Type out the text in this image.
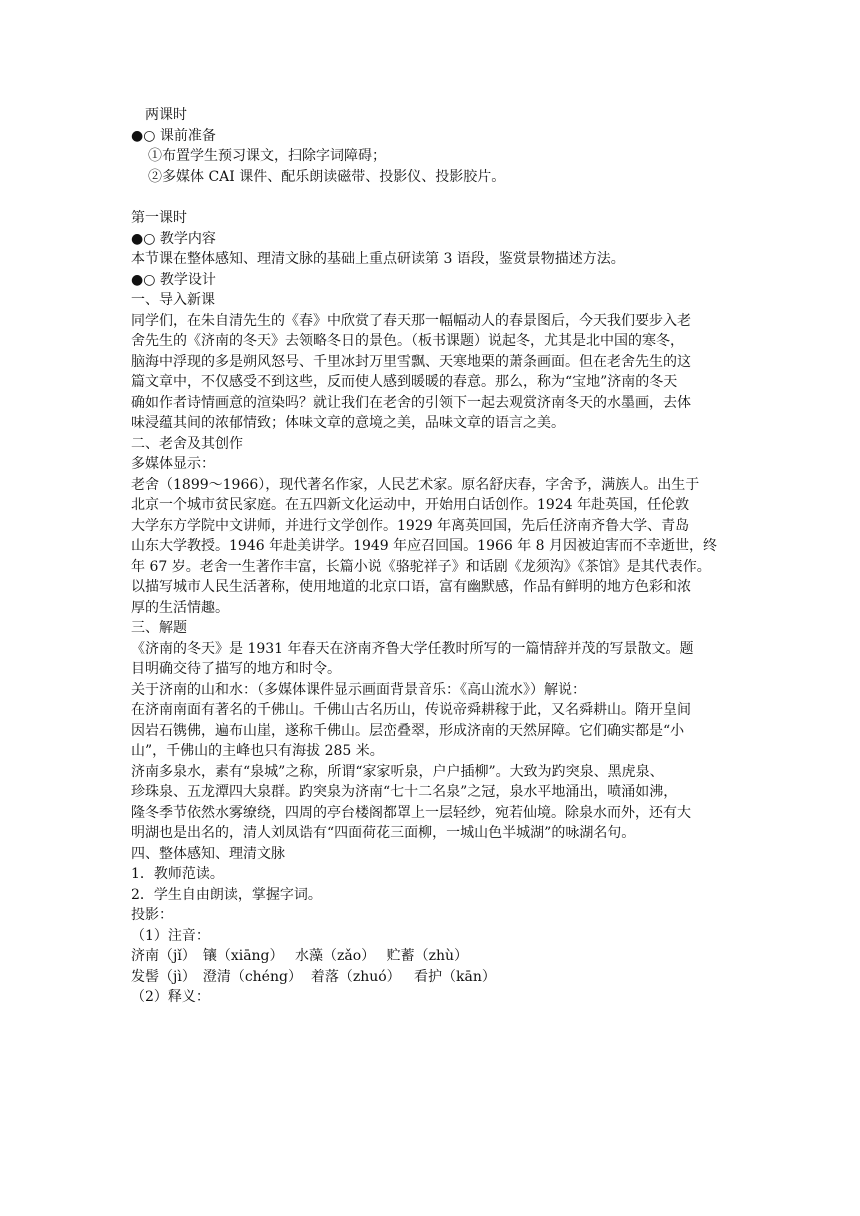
两课时
●○ 课前准备
①布置学生预习课文，扫除字词障碍；
②多媒体 CAI 课件、配乐朗读磁带、投影仪、投影胶片。
第一课时
●○ 教学内容
本节课在整体感知、理清文脉的基础上重点研读第 3 语段，鉴赏景物描述方法。
●○ 教学设计
一、导入新课
同学们，在朱自清先生的《春》中欣赏了春天那一幅幅动人的春景图后，今天我们要步入老
舍先生的《济南的冬天》去领略冬日的景色。（板书课题）说起冬，尤其是北中国的寒冬，
脑海中浮现的多是朔风怒号、千里冰封万里雪飘、天寒地栗的萧条画面。但在老舍先生的这
篇文章中，不仅感受不到这些，反而使人感到暖暖的春意。那么，称为“宝地”济南的冬天
确如作者诗情画意的渲染吗？就让我们在老舍的引领下一起去观赏济南冬天的水墨画，去体
味浸蕴其间的浓郁情致；体味文章的意境之美，品味文章的语言之美。
二、老舍及其创作
多媒体显示：
老舍（1899～1966），现代著名作家，人民艺术家。原名舒庆春，字舍予，满族人。出生于
北京一个城市贫民家庭。在五四新文化运动中，开始用白话创作。1924 年赴英国，任伦敦
大学东方学院中文讲师，并进行文学创作。1929 年离英回国，先后任济南齐鲁大学、青岛
山东大学教授。1946 年赴美讲学。1949 年应召回国。1966 年 8 月因被迫害而不幸逝世，终
年 67 岁。老舍一生著作丰富，长篇小说《骆驼祥子》和话剧《龙须沟》《茶馆》是其代表作。
以描写城市人民生活著称，使用地道的北京口语，富有幽默感，作品有鲜明的地方色彩和浓
厚的生活情趣。
三、解题
《济南的冬天》是 1931 年春天在济南齐鲁大学任教时所写的一篇情辞并茂的写景散文。题
目明确交待了描写的地方和时令。
关于济南的山和水：（多媒体课件显示画面背景音乐：《高山流水》）解说：
在济南南面有著名的千佛山。千佛山古名历山，传说帝舜耕稼于此，又名舜耕山。隋开皇间
因岩石镌佛，遍布山崖，遂称千佛山。层峦叠翠，形成济南的天然屏障。它们确实都是“小
山”，千佛山的主峰也只有海拔 285 米。
济南多泉水，素有“泉城”之称，所谓“家家听泉，户户插柳”。大致为趵突泉、黑虎泉、
珍珠泉、五龙潭四大泉群。趵突泉为济南“七十二名泉”之冠，泉水平地涌出，喷涌如沸，
隆冬季节依然水雾缭绕，四周的亭台楼阁都罩上一层轻纱，宛若仙境。除泉水而外，还有大
明湖也是出名的，清人刘凤诰有“四面荷花三面柳，一城山色半城湖”的咏湖名句。
四、整体感知、理清文脉
1．教师范读。
2．学生自由朗读，掌握字词。
投影：
（1）注音：
济南（jǐ）　镶（xiāng）　 水藻（zǎo）　 贮蓄（zhù）
发髻（jì）　澄清（chéng）  着落（zhuó）   看护（kān）
（2）释义：
